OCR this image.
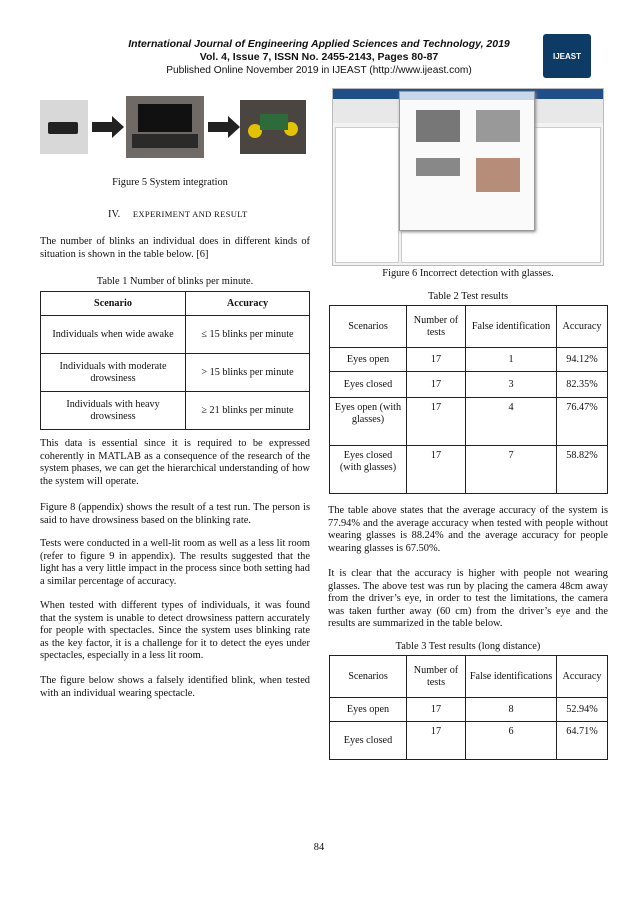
International Journal of Engineering Applied Sciences and Technology, 2019
Vol. 4, Issue 7, ISSN No. 2455-2143, Pages 80-87
Published Online November 2019 in IJEAST (http://www.ijeast.com)
IJEAST
Figure 5 System integration
IV. EXPERIMENT AND RESULT
The number of blinks an individual does in different kinds of situation is shown in the table below. [6]
Table 1 Number of blinks per minute.
Scenario	Accuracy
Individuals when wide awake	≤ 15 blinks per minute
Individuals with moderate drowsiness	> 15 blinks per minute
Individuals with heavy drowsiness	≥ 21 blinks per minute
This data is essential since it is required to be expressed coherently in MATLAB as a consequence of the research of the system phases, we can get the hierarchical understanding of how the system will operate.
Figure 8 (appendix) shows the result of a test run. The person is said to have drowsiness based on the blinking rate.
Tests were conducted in a well-lit room as well as a less lit room (refer to figure 9 in appendix). The results suggested that the light has a very little impact in the process since both setting had a similar percentage of accuracy.
When tested with different types of individuals, it was found that the system is unable to detect drowsiness pattern accurately for people with spectacles. Since the system uses blinking rate as the key factor, it is a challenge for it to detect the eyes under spectacles, especially in a less lit room.
The figure below shows a falsely identified blink, when tested with an individual wearing spectacle.
Figure 6 Incorrect detection with glasses.
Table 2 Test results
Scenarios	Number of tests	False identification	Accuracy
Eyes open	17	1	94.12%
Eyes closed	17	3	82.35%
Eyes open (with glasses)	17	4	76.47%
Eyes closed (with glasses)	17	7	58.82%
The table above states that the average accuracy of the system is 77.94% and the average accuracy when tested with people without wearing glasses is 88.24% and the average accuracy for people wearing glasses is 67.50%.
It is clear that the accuracy is higher with people not wearing glasses. The above test was run by placing the camera 48cm away from the driver’s eye, in order to test the limitations, the camera was taken further away (60 cm) from the driver’s eye and the results are summarized in the table below.
Table 3 Test results (long distance)
Scenarios	Number of tests	False identifications	Accuracy
Eyes open	17	8	52.94%
Eyes closed	17	6	64.71%
84
